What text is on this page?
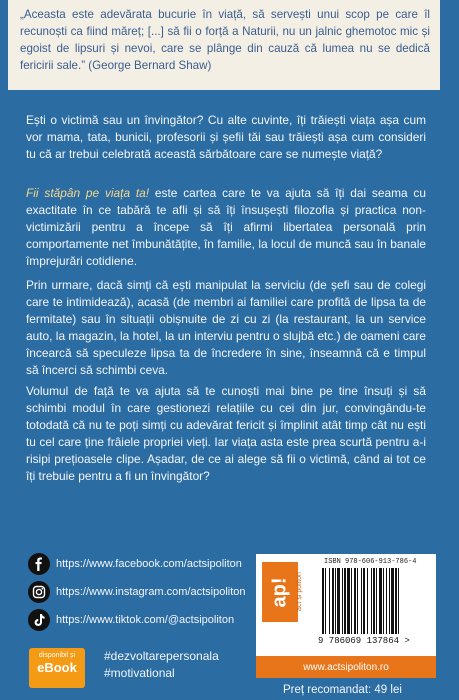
„Aceasta este adevărata bucurie în viață, să servești unui scop pe care îl recunoști ca fiind măreț; [...] să fii o forță a Naturii, nu un jalnic ghemotoc mic și egoist de lipsuri și nevoi, care se plânge din cauză că lumea nu se dedică fericirii sale.” (George Bernard Shaw)

Ești o victimă sau un învingător? Cu alte cuvinte, îți trăiești viața așa cum vor mama, tata, bunicii, profesorii și șefii tăi sau trăiești așa cum consideri tu că ar trebui celebrată această sărbătoare care se numește viață?

Fii stăpân pe viața ta! este cartea care te va ajuta să îți dai seama cu exactitate în ce tabără te afli și să îți însușești filozofia și practica non-victimizării pentru a începe să îți afirmi libertatea personală prin comportamente net îmbunătățite, în familie, la locul de muncă sau în banale împrejurări cotidiene.

Prin urmare, dacă simți că ești manipulat la serviciu (de șefi sau de colegi care te intimidează), acasă (de membri ai familiei care profită de lipsa ta de fermitate) sau în situații obișnuite de zi cu zi (la restaurant, la un service auto, la magazin, la hotel, la un interviu pentru o slujbă etc.) de oameni care încearcă să speculeze lipsa ta de încredere în sine, înseamnă că e timpul să încerci să schimbi ceva.

Volumul de față te va ajuta să te cunoști mai bine pe tine însuți și să schimbi modul în care gestionezi relațiile cu cei din jur, convingându-te totodată că nu te poți simți cu adevărat fericit și împlinit atât timp cât nu ești tu cel care ține frâiele propriei vieți. Iar viața asta este prea scurtă pentru a-i risipi prețioasele clipe. Așadar, de ce ai alege să fii o victimă, când ai tot ce îți trebuie pentru a fi un învingător?

https://www.facebook.com/actsipoliton
https://www.instagram.com/actsipoliton
https://www.tiktok.com/@actsipoliton
disponibil și
eBook
#dezvoltarepersonala
#motivational
ap! act și politon
ISBN 978-606-913-786-4
9 786069 137864 >
www.actsipoliton.ro
Preț recomandat: 49 lei
